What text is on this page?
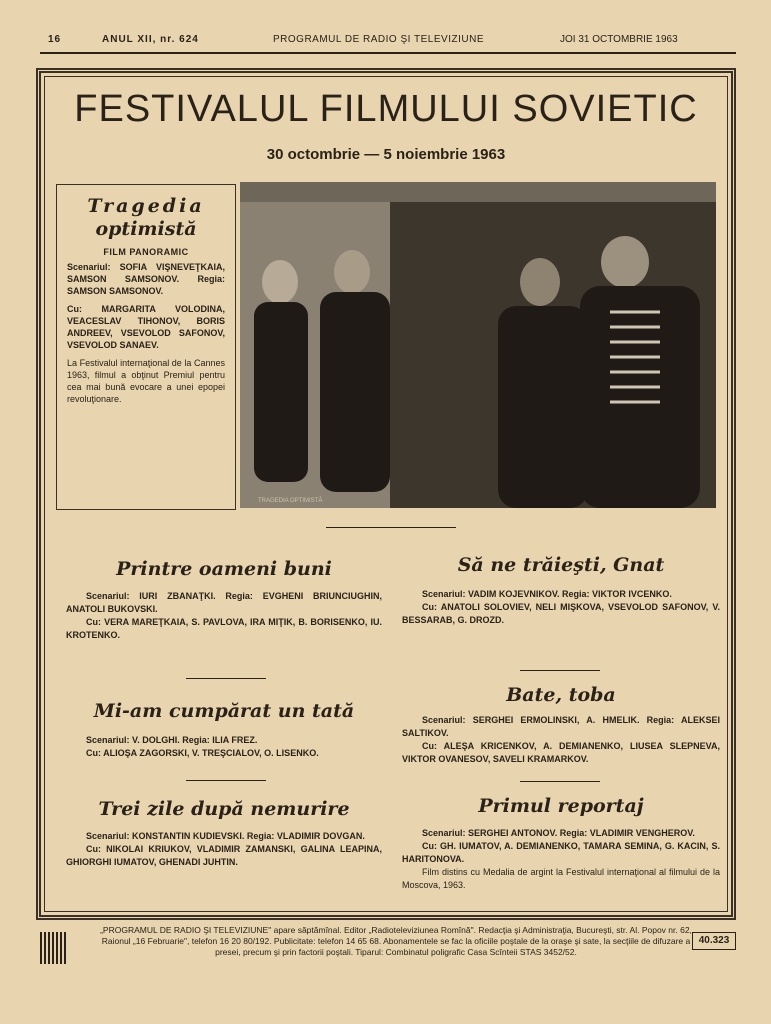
16	ANUL XII, nr. 624	PROGRAMUL DE RADIO ŞI TELEVIZIUNE	JOI 31 OCTOMBRIE 1963
FESTIVALUL FILMULUI SOVIETIC
30 octombrie — 5 noiembrie 1963
Tragedia
optimistă
FILM PANORAMIC

Scenariul: SOFIA VIŞNEVEŢKAIA, SAMSON SAMSONOV. Regia: SAMSON SAMSONOV.

Cu: MARGARITA VOLODINA, VEACESLAV TIHONOV, BORIS ANDREEV, VSEVOLOD SAFONOV, VSEVOLOD SANAEV.

La Festivalul internaţional de la Cannes 1963, filmul a obţinut Premiul pentru cea mai bună evocare a unei epopei revoluţionare.

TRAGEDIA OPTIMISTĂ
Printre oameni buni

Scenariul: IURI ZBANAŢKI. Regia: EVGHENI BRIUNCIUGHIN, ANATOLI BUKOVSKI.

Cu: VERA MAREŢKAIA, S. PAVLOVA, IRA MIŢIK, B. BORISENKO, IU. KROTENKO.

Mi-am cumpărat un tată

Scenariul: V. DOLGHI. Regia: ILIA FREZ.

Cu: ALIOŞA ZAGORSKI, V. TREŞCIALOV, O. LISENKO.

Trei zile după nemurire

Scenariul: KONSTANTIN KUDIEVSKI. Regia: VLADIMIR DOVGAN.

Cu: NIKOLAI KRIUKOV, VLADIMIR ZAMANSKI, GALINA LEAPINA, GHIORGHI IUMATOV, GHENADI JUHTIN.

Să ne trăieşti, Gnat

Scenariul: VADIM KOJEVNIKOV. Regia: VIKTOR IVCENKO.

Cu: ANATOLI SOLOVIEV, NELI MIŞKOVA, VSEVOLOD SAFONOV, V. BESSARAB, G. DROZD.

Bate, toba

Scenariul: SERGHEI ERMOLINSKI, A. HMELIK. Regia: ALEKSEI SALTIKOV.

Cu: ALEŞA KRICENKOV, A. DEMIANENKO, LIUSEA SLEPNEVA, VIKTOR OVANESOV, SAVELI KRAMARKOV.

Primul reportaj

Scenariul: SERGHEI ANTONOV. Regia: VLADIMIR VENGHEROV.

Cu: GH. IUMATOV, A. DEMIANENKO, TAMARA SEMINA, G. KACIN, S. HARITONOVA.

Film distins cu Medalia de argint la Festivalul internaţional al filmului de la Moscova, 1963.

„PROGRAMUL DE RADIO ŞI TELEVIZIUNE" apare săptămînal. Editor „Radioteleviziunea Romînă". Redacţia şi Administraţia, Bucureşti, str. Al. Popov nr. 62, Raionul „16 Februarie", telefon 16 20 80/192. Publicitate: telefon 14 65 68. Abonamentele se fac la oficiile poştale de la oraşe şi sate, la secţiile de difuzare a presei, precum şi prin factorii poştali. Tiparul: Combinatul poligrafic Casa Scînteii STAS 3452/52.
40.323
